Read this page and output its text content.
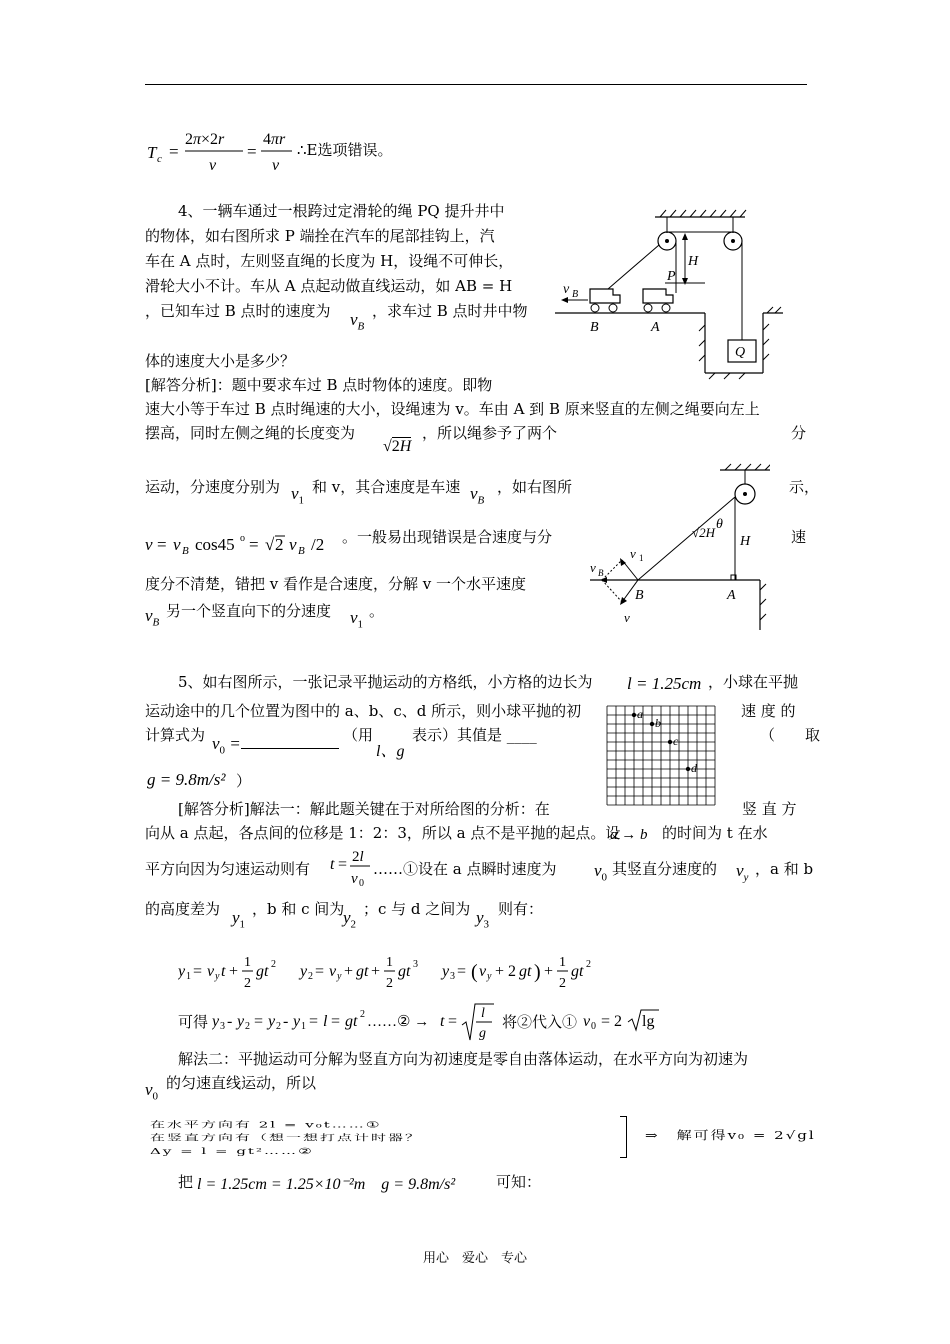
T c =
2π×2r
v
=
4πr
v
∴E选项错误。
4、一辆车通过一根跨过定滑轮的绳 PQ 提升井中
的物体，如右图所求 P 端拴在汽车的尾部挂钩上，汽
车在 A 点时，左则竖直绳的长度为 H，设绳不可伸长，
滑轮大小不计。车从 A 点起动做直线运动，如 AB = H
，已知车过 B 点时的速度为 $v_B$
，求车过 B 点时井中物
体的速度大小是多少？
[解答分析]：题中要求车过 B 点时物体的速度。即物
速大小等于车过 B 点时绳速的大小，设绳速为 v。车由 A 到 B 原来竖直的左侧之绳要向左上
摆高，同时左侧之绳的长度变为
√2H
，所以绳参予了两个	分
运动，分速度分别为 $v_1$
和 v，其合速度是车速 $v_B$
，如右图所	示，
v = v B cos45 o = √ 2 v B /2 。一般易出现错误是合速度与分	速
度分不清楚，错把 v 看作是合速度，分解 v 一个水平速度
$v_B$
另一个竖直向下的分速度 $v_1$
。
H
P
v B
B	A
Q
√2H
θ
H
B	A
v B
v 1
v
5、如右图所示，一张记录平抛运动的方格纸，小方格的边长为 l = 1.25cm ，小球在平抛
运动途中的几个位置为图中的 a、b、c、d 所示，则小球平抛的初	速 度 的
计算式为 $v_0$ =	（用
l、g
表示）其值是 ____	（　　取
g = 9.8m/s² ）
a
b
c
d
[解答分析]解法一：解此题关键在于对所给图的分析：在	竖 直 方
向从 a 点起，各点间的位移是 1：2：3，所以 a 点不是平抛的起点。设
a → b 的时间为 t 在水
平方向因为匀速运动则有 t = 2l
v 0
……①设在 a 点瞬时速度为 $v_0$ 其竖直分速度的 $v_y$ ，a 和 b
的高度差为 $y_1$
，b 和 c 间为
$y_2$
；c 与 d 之间为 $y_3$
则有：
y 1 = v y t +
1
2
gt 2 y 2 = v y + gt +
1
2
gt 3 y 3 = ( v y + 2 gt ) +
1
2
gt 2
可得 y 3 - y 2 = y 2 - y 1 = l = gt 2 ……② → t = l
g
将②代入① v 0 = 2 lg
解法二：平抛运动可分解为竖直方向为初速度是零自由落体运动，在水平方向为初速为
$v_0$
的匀速直线运动，所以
在水平方向有 2l = v₀t……①
在竖直方向有（想一想打点计时器？
Δy = l = gt²……②
⇒　解可得v₀ = 2√gl
把 l = 1.25cm = 1.25×10⁻²m　g = 9.8m/s²	可知：
用心　爱心　专心
